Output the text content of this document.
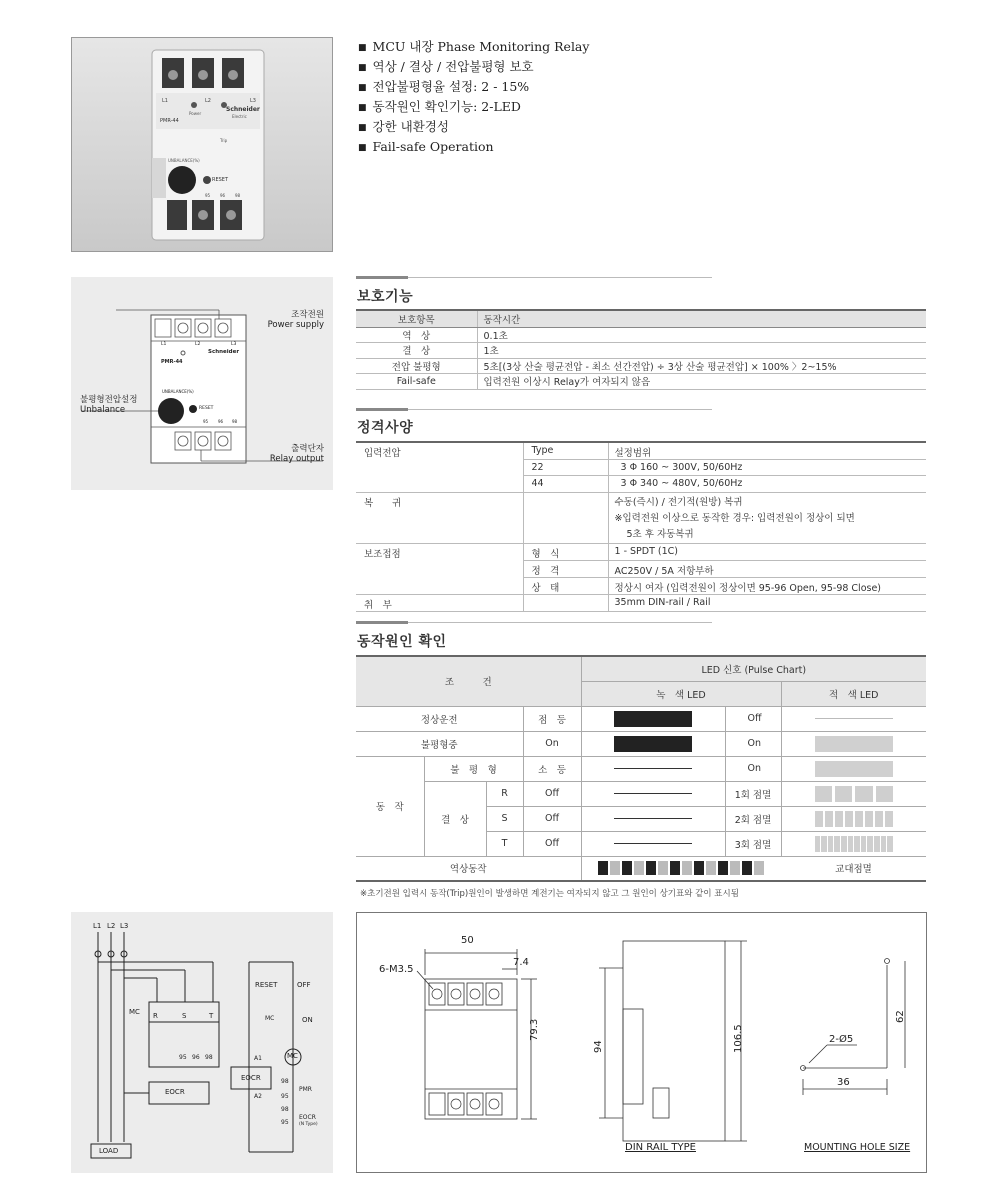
L1	L2	L3
Schneider
Electric
PMR-44
Power
Trip
UNBALANCE(%)
RESET
95 96 98
■ MCU 내장 Phase Monitoring Relay
■ 역상 / 결상 / 전압불평형 보호
■ 전압불평형율 설정: 2 - 15%
■ 동작원인 확인기능: 2-LED
■ 강한 내환경성
■ Fail-safe Operation
조작전원
Power supply
불평형전압설정
Unbalance
출력단자
Relay output
PMR-44
Schneider
L1	L2	L3
UNBALANCE(%)
RESET
95 96 98
보호기능
보호항목	동작시간
역　상	0.1초
결　상	1초
전압 불평형	5초[(3상 산술 평균전압 - 최소 선간전압) ÷ 3상 산술 평균전압] × 100% 〉2~15%
Fail-safe	입력전원 이상시 Relay가 여자되지 않음
정격사양
입력전압	Type	설정범위
	22	3 Φ 160 ~ 300V, 50/60Hz
	44	3 Φ 340 ~ 480V, 50/60Hz
복　　귀		수동(즉시) / 전기적(원방) 복귀
※입력전원 이상으로 동작한 경우: 입력전원이 정상이 되면
5초 후 자동복귀

보조접점	형　식	1 - SPDT (1C)
	정　격	AC250V / 5A 저항부하
	상　태	정상시 여자 (입력전원이 정상이면 95-96 Open, 95-98 Close)
취　부		35mm DIN-rail / Rail
동작원인 확인
조　　　건				LED 신호 (Pulse Chart)		
				녹　색 LED		적　색 LED
정상운전			점　등		Off	
불평형중			On		On	
동　작	불　평　형		소　등		On	
	결　상	R	Off		1회 점멸	

		S	Off		2회 점멸	

		T	Off		3회 점멸	

역상동작						교대점멸
※초기전원 입력시 동작(Trip)원인이 발생하면 계전기는 여자되지 않고 그 원인이 상기표와 같이 표시됨
L1 L2 L3
MC R	S	T
95 96 98
EOCR
LOAD
RESET	OFF
MC	ON
MC
A1
EOCR
A2
98
PMR
95
98
EOCR
(N Type)
95
50
7.4
6-M3.5
79.3
94	106.5
62
2-Ø5
36
DIN RAIL TYPE	MOUNTING HOLE SIZE
